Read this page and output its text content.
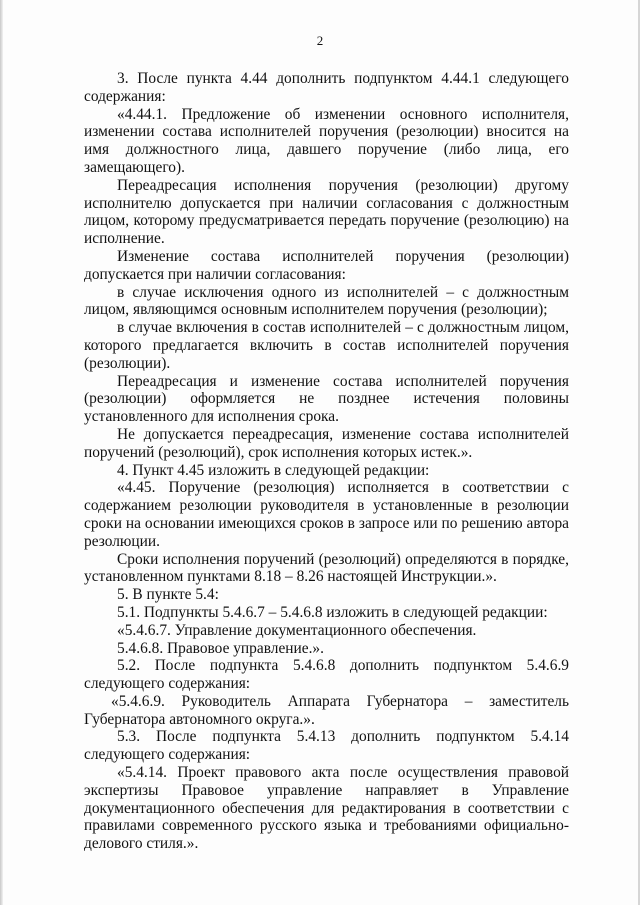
2

3. После пункта 4.44 дополнить подпунктом 4.44.1 следующего содержания:

«4.44.1. Предложение об изменении основного исполнителя, изменении состава исполнителей поручения (резолюции) вносится на имя должностного лица, давшего поручение (либо лица, его замещающего).

Переадресация исполнения поручения (резолюции) другому исполнителю допускается при наличии согласования с должностным лицом, которому предусматривается передать поручение (резолюцию) на исполнение.

Изменение состава исполнителей поручения (резолюции) допускается при наличии согласования:

в случае исключения одного из исполнителей – с должностным лицом, являющимся основным исполнителем поручения (резолюции);

в случае включения в состав исполнителей – с должностным лицом, которого предлагается включить в состав исполнителей поручения (резолюции).

Переадресация и изменение состава исполнителей поручения (резолюции) оформляется не позднее истечения половины установленного для исполнения срока.

Не допускается переадресация, изменение состава исполнителей поручений (резолюций), срок исполнения которых истек.».

4. Пункт 4.45 изложить в следующей редакции:

«4.45. Поручение (резолюция) исполняется в соответствии с содержанием резолюции руководителя в установленные в резолюции сроки на основании имеющихся сроков в запросе или по решению автора резолюции.

Сроки исполнения поручений (резолюций) определяются в порядке, установленном пунктами 8.18 – 8.26 настоящей Инструкции.».

5. В пункте 5.4:

5.1. Подпункты 5.4.6.7 – 5.4.6.8 изложить в следующей редакции:

«5.4.6.7. Управление документационного обеспечения.

5.4.6.8. Правовое управление.».

5.2. После подпункта 5.4.6.8 дополнить подпунктом 5.4.6.9 следующего содержания:

«5.4.6.9. Руководитель Аппарата Губернатора – заместитель Губернатора автономного округа.».

5.3. После подпункта 5.4.13 дополнить подпунктом 5.4.14 следующего содержания:

«5.4.14. Проект правового акта после осуществления правовой экспертизы Правовое управление направляет в Управление документационного обеспечения для редактирования в соответствии с правилами современного русского языка и требованиями официально-делового стиля.».
